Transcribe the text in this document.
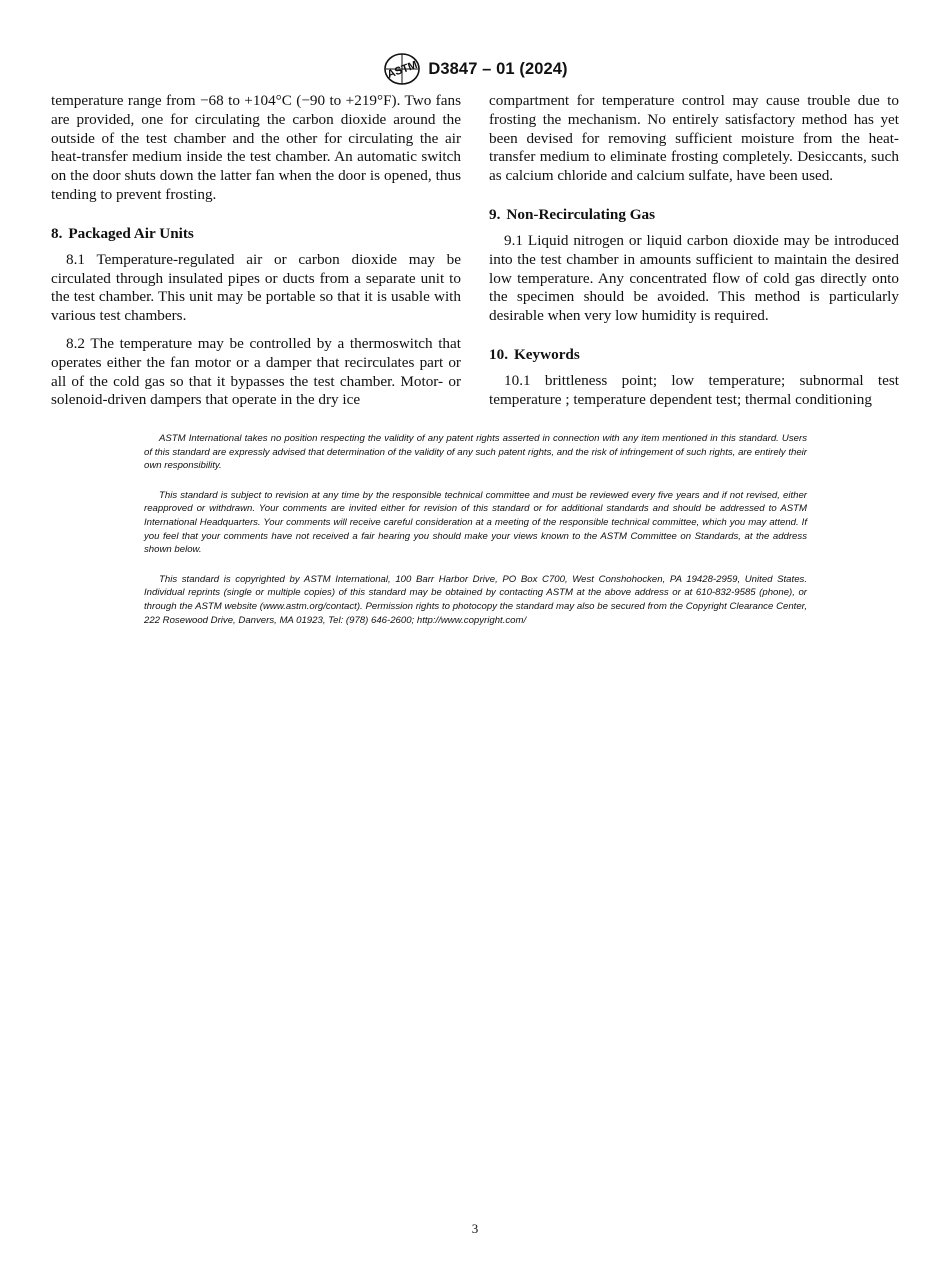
ASTM D3847 – 01 (2024)

temperature range from −68 to +104°C (−90 to +219°F). Two fans are provided, one for circulating the carbon dioxide around the outside of the test chamber and the other for circulating the air heat-transfer medium inside the test chamber. An automatic switch on the door shuts down the latter fan when the door is opened, thus tending to prevent frosting.

8. Packaged Air Units

8.1 Temperature-regulated air or carbon dioxide may be circulated through insulated pipes or ducts from a separate unit to the test chamber. This unit may be portable so that it is usable with various test chambers.

8.2 The temperature may be controlled by a thermoswitch that operates either the fan motor or a damper that recirculates part or all of the cold gas so that it bypasses the test chamber. Motor- or solenoid-driven dampers that operate in the dry ice

compartment for temperature control may cause trouble due to frosting the mechanism. No entirely satisfactory method has yet been devised for removing sufficient moisture from the heat-transfer medium to eliminate frosting completely. Desiccants, such as calcium chloride and calcium sulfate, have been used.

9. Non-Recirculating Gas

9.1 Liquid nitrogen or liquid carbon dioxide may be introduced into the test chamber in amounts sufficient to maintain the desired low temperature. Any concentrated flow of cold gas directly onto the specimen should be avoided. This method is particularly desirable when very low humidity is required.

10. Keywords

10.1 brittleness point; low temperature; subnormal test temperature ; temperature dependent test; thermal conditioning

ASTM International takes no position respecting the validity of any patent rights asserted in connection with any item mentioned in this standard. Users of this standard are expressly advised that determination of the validity of any such patent rights, and the risk of infringement of such rights, are entirely their own responsibility.

This standard is subject to revision at any time by the responsible technical committee and must be reviewed every five years and if not revised, either reapproved or withdrawn. Your comments are invited either for revision of this standard or for additional standards and should be addressed to ASTM International Headquarters. Your comments will receive careful consideration at a meeting of the responsible technical committee, which you may attend. If you feel that your comments have not received a fair hearing you should make your views known to the ASTM Committee on Standards, at the address shown below.

This standard is copyrighted by ASTM International, 100 Barr Harbor Drive, PO Box C700, West Conshohocken, PA 19428-2959, United States. Individual reprints (single or multiple copies) of this standard may be obtained by contacting ASTM at the above address or at 610-832-9585 (phone), or through the ASTM website (www.astm.org/contact). Permission rights to photocopy the standard may also be secured from the Copyright Clearance Center, 222 Rosewood Drive, Danvers, MA 01923, Tel: (978) 646-2600; http://www.copyright.com/

3
